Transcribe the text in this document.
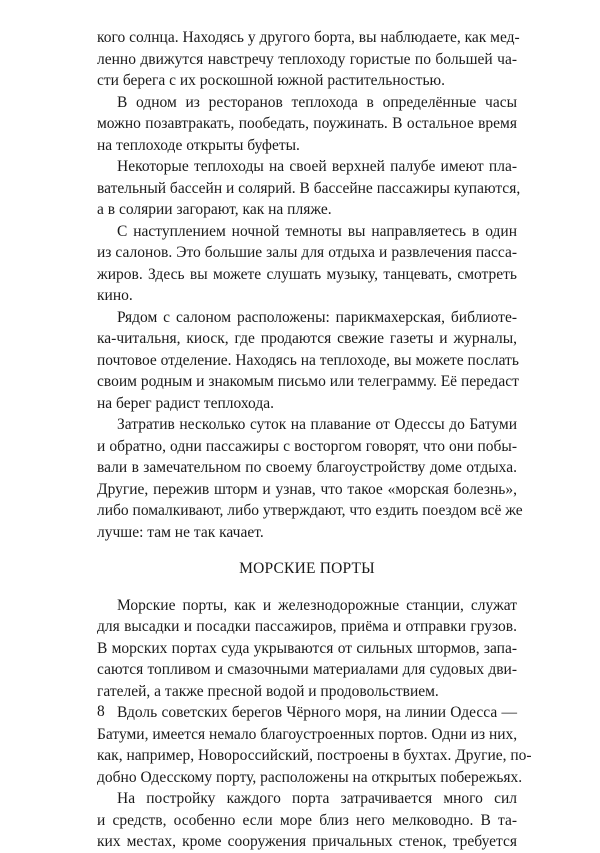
кого солнца. Находясь у другого борта, вы наблюдаете, как мед-
ленно движутся навстречу теплоходу гористые по большей ча-
сти берега с их роскошной южной растительностью.
В одном из ресторанов теплохода в определённые часы
можно позавтракать, пообедать, поужинать. В остальное время
на теплоходе открыты буфеты.
Некоторые теплоходы на своей верхней палубе имеют пла-
вательный бассейн и солярий. В бассейне пассажиры купаются,
а в солярии загорают, как на пляже.
С наступлением ночной темноты вы направляетесь в один
из салонов. Это большие залы для отдыха и развлечения пасса-
жиров. Здесь вы можете слушать музыку, танцевать, смотреть
кино.
Рядом с салоном расположены: парикмахерская, библиоте-
ка-читальня, киоск, где продаются свежие газеты и журналы,
почтовое отделение. Находясь на теплоходе, вы можете послать
своим родным и знакомым письмо или телеграмму. Её передаст
на берег радист теплохода.
Затратив несколько суток на плавание от Одессы до Батуми
и обратно, одни пассажиры с восторгом говорят, что они побы-
вали в замечательном по своему благоустройству доме отдыха.
Другие, пережив шторм и узнав, что такое «морская болезнь»,
либо помалкивают, либо утверждают, что ездить поездом всё же
лучше: там не так качает.
МОРСКИЕ ПОРТЫ
Морские порты, как и железнодорожные станции, служат
для высадки и посадки пассажиров, приёма и отправки грузов.
В морских портах суда укрываются от сильных штормов, запа-
саются топливом и смазочными материалами для судовых дви-
гателей, а также пресной водой и продовольствием.
Вдоль советских берегов Чёрного моря, на линии Одесса —
Батуми, имеется немало благоустроенных портов. Одни из них,
как, например, Новороссийский, построены в бухтах. Другие, по-
добно Одесскому порту, расположены на открытых побережьях.
На постройку каждого порта затрачивается много сил
и средств, особенно если море близ него мелководно. В та-
ких местах, кроме сооружения причальных стенок, требуется
8
